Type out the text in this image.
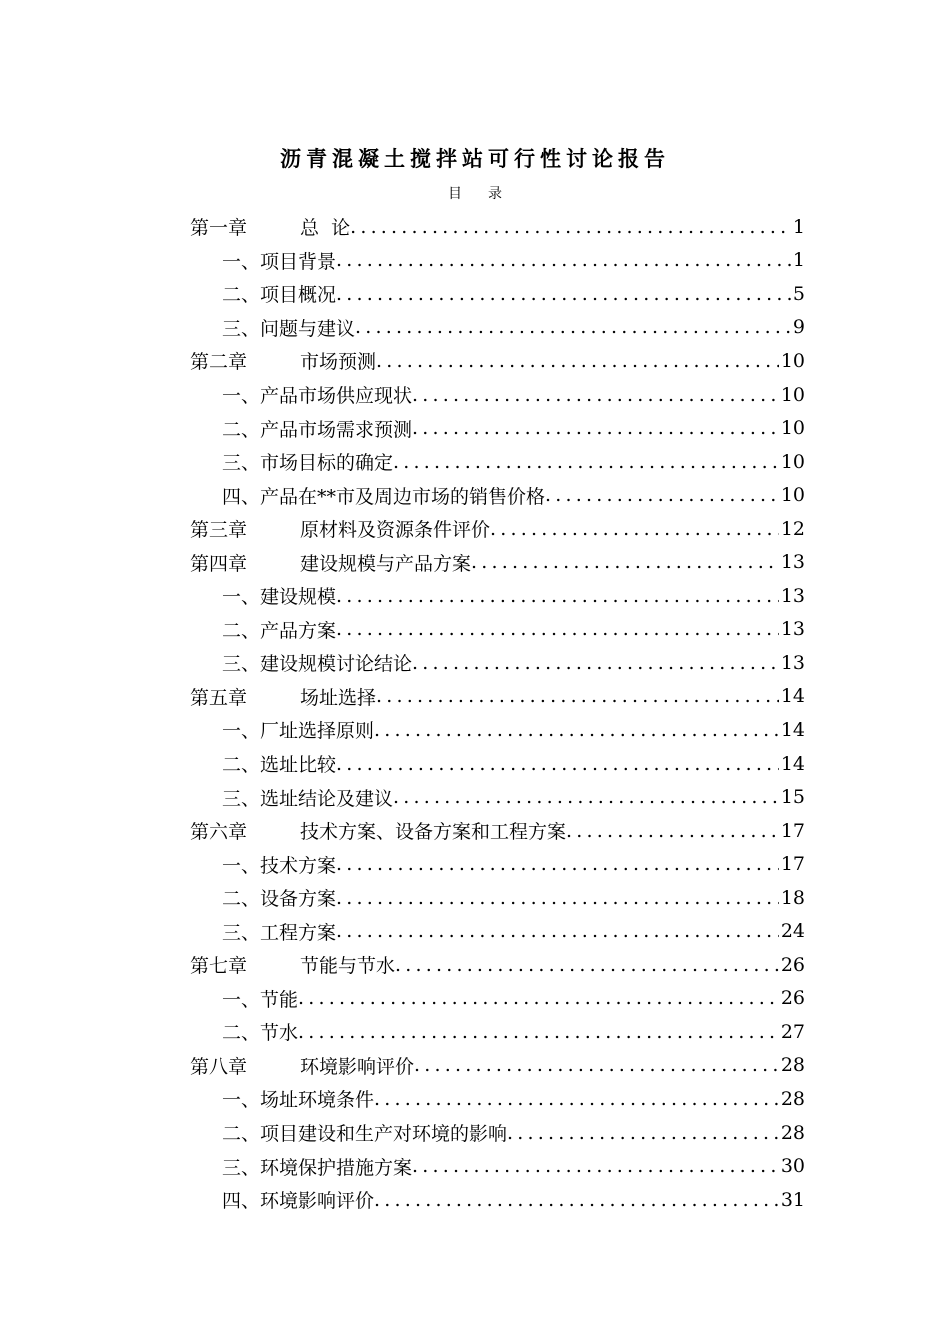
沥青混凝土搅拌站可行性讨论报告
目录
第一章	总  论 .....	1
一、项目背景 .....	1
二、项目概况 .....	5
三、问题与建议 .....	9
第二章	市场预测 .....	10
一、产品市场供应现状 .....	10
二、产品市场需求预测 .....	10
三、市场目标的确定 .....	10
四、产品在**市及周边市场的销售价格 .....	10
第三章	原材料及资源条件评价 .....	12
第四章	建设规模与产品方案 .....	13
一、建设规模 .....	13
二、产品方案 .....	13
三、建设规模讨论结论 .....	13
第五章	场址选择 .....	14
一、厂址选择原则 .....	14
二、选址比较 .....	14
三、选址结论及建议 .....	15
第六章	技术方案、设备方案和工程方案 .....	17
一、技术方案 .....	17
二、设备方案 .....	18
三、工程方案 .....	24
第七章	节能与节水 .....	26
一、节能 .....	26
二、节水 .....	27
第八章	环境影响评价 .....	28
一、场址环境条件 .....	28
二、项目建设和生产对环境的影响 .....	28
三、环境保护措施方案 .....	30
四、环境影响评价 .....	31
